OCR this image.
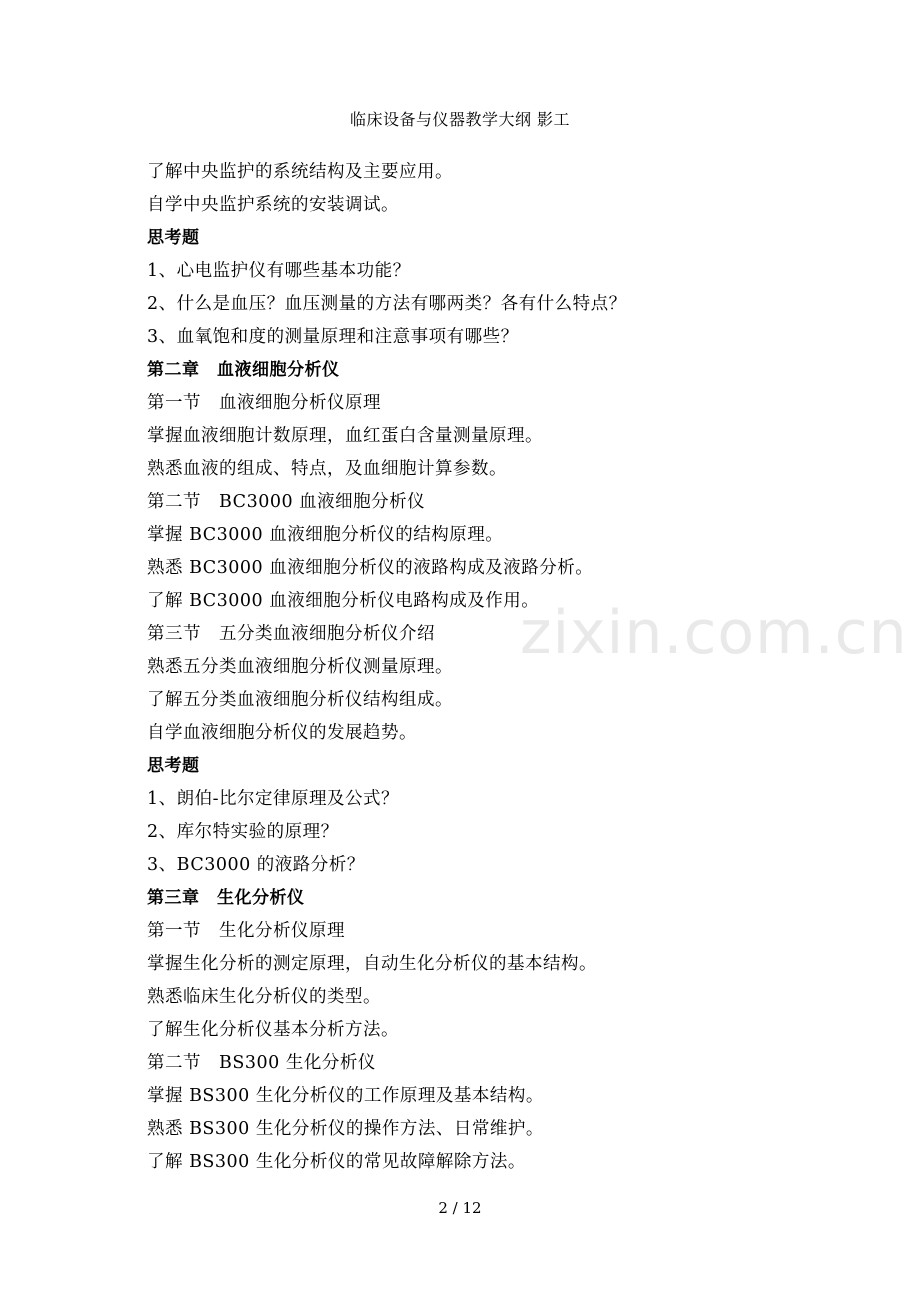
临床设备与仪器教学大纲 影工
zixin.com.cn
了解中央监护的系统结构及主要应用。
自学中央监护系统的安装调试。
思考题
1、心电监护仪有哪些基本功能？
2、什么是血压？血压测量的方法有哪两类？各有什么特点？
3、血氧饱和度的测量原理和注意事项有哪些？
第二章　血液细胞分析仪
第一节　血液细胞分析仪原理
掌握血液细胞计数原理，血红蛋白含量测量原理。
熟悉血液的组成、特点，及血细胞计算参数。
第二节　BC3000 血液细胞分析仪
掌握 BC3000 血液细胞分析仪的结构原理。
熟悉 BC3000 血液细胞分析仪的液路构成及液路分析。
了解 BC3000 血液细胞分析仪电路构成及作用。
第三节　五分类血液细胞分析仪介绍
熟悉五分类血液细胞分析仪测量原理。
了解五分类血液细胞分析仪结构组成。
自学血液细胞分析仪的发展趋势。
思考题
1、朗伯-比尔定律原理及公式？
2、库尔特实验的原理？
3、BC3000 的液路分析？
第三章　生化分析仪
第一节　生化分析仪原理
掌握生化分析的测定原理，自动生化分析仪的基本结构。
熟悉临床生化分析仪的类型。
了解生化分析仪基本分析方法。
第二节　BS300 生化分析仪
掌握 BS300 生化分析仪的工作原理及基本结构。
熟悉 BS300 生化分析仪的操作方法、日常维护。
了解 BS300 生化分析仪的常见故障解除方法。
2 / 12
